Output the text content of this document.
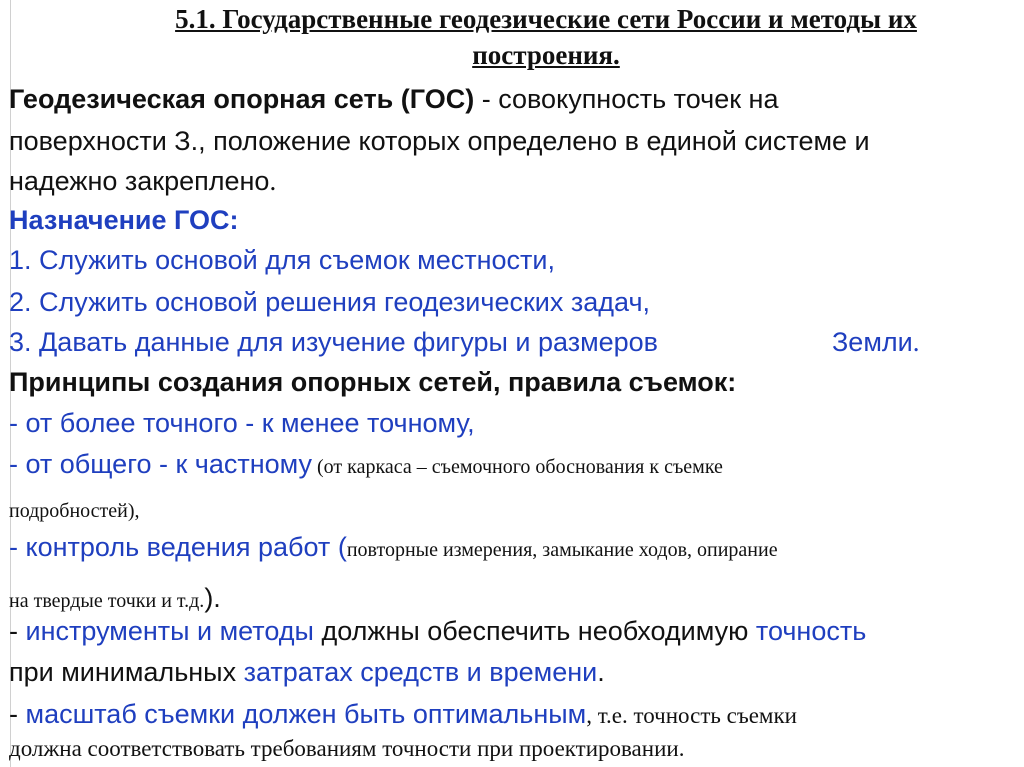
5.1. Государственные геодезические сети России и методы их
построения.
Геодезическая опорная сеть (ГОС) - совокупность точек на
поверхности З., положение которых определено в единой системе и
надежно закреплено.
Назначение ГОС:
1. Служить основой для съемок местности,
2. Служить основой решения геодезических задач,
3. Давать данные для изучение фигуры и размеров	Земли.
Принципы создания опорных сетей, правила съемок:
- от более точного - к менее точному,
- от общего - к частному (от каркаса – съемочного обоснования к съемке
подробностей),
- контроль ведения работ (повторные измерения, замыкание ходов, опирание
на твердые точки и т.д.).
- инструменты и методы должны обеспечить необходимую точность
при минимальных затратах средств и времени.
- масштаб съемки должен быть оптимальным, т.е. точность съемки
должна соответствовать требованиям точности при проектировании.
